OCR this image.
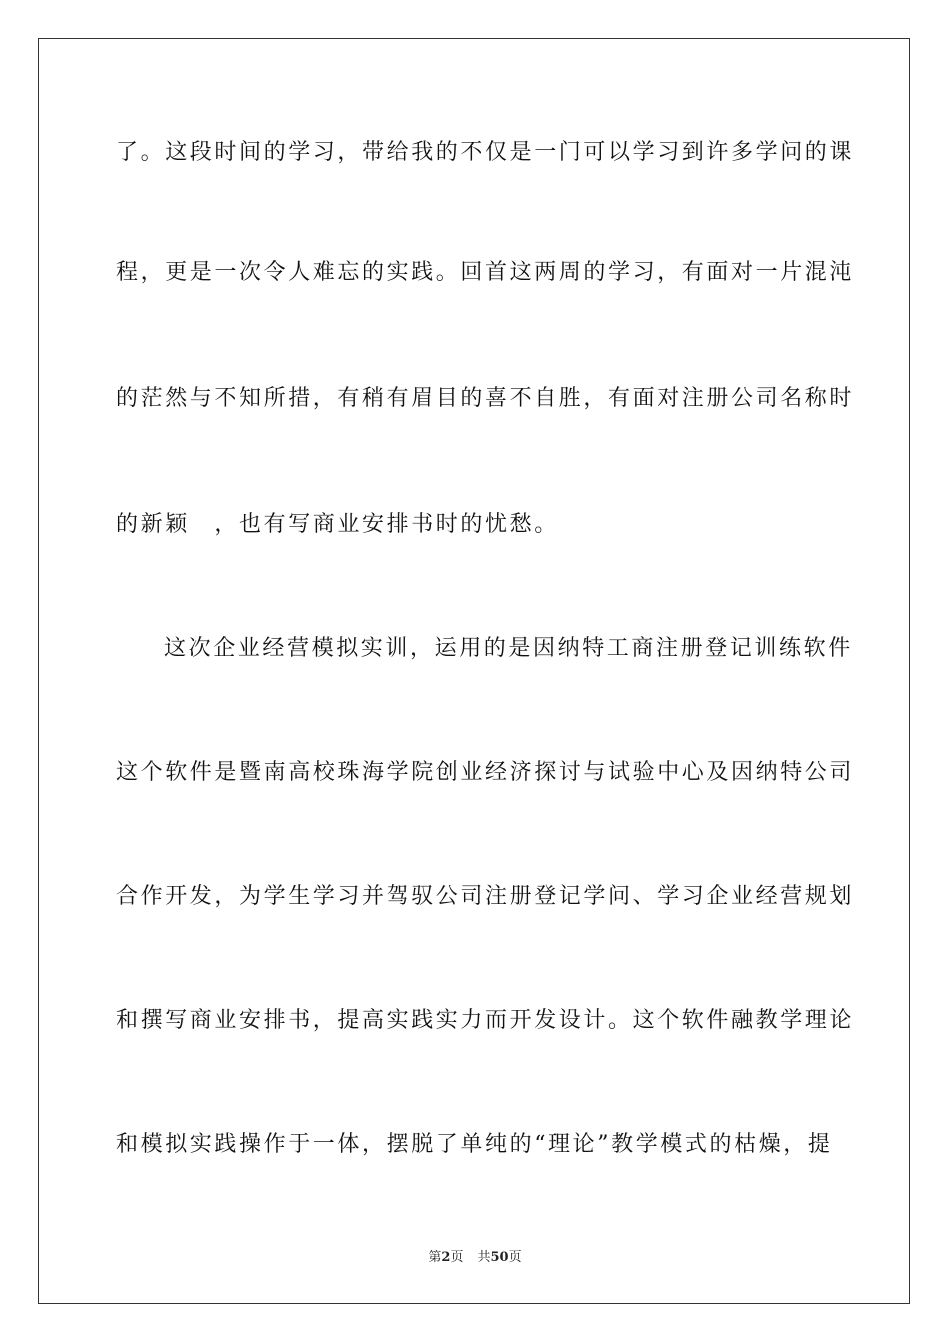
了。这段时间的学习，带给我的不仅是一门可以学习到许多学问的课
程，更是一次令人难忘的实践。回首这两周的学习，有面对一片混沌
的茫然与不知所措，有稍有眉目的喜不自胜，有面对注册公司名称时
的新颖　，也有写商业安排书时的忧愁。
这次企业经营模拟实训，运用的是因纳特工商注册登记训练软件
这个软件是暨南高校珠海学院创业经济探讨与试验中心及因纳特公司
合作开发，为学生学习并驾驭公司注册登记学问、学习企业经营规划
和撰写商业安排书，提高实践实力而开发设计。这个软件融教学理论
和模拟实践操作于一体，摆脱了单纯的“理论”教学模式的枯燥，提
第2页 共50页
